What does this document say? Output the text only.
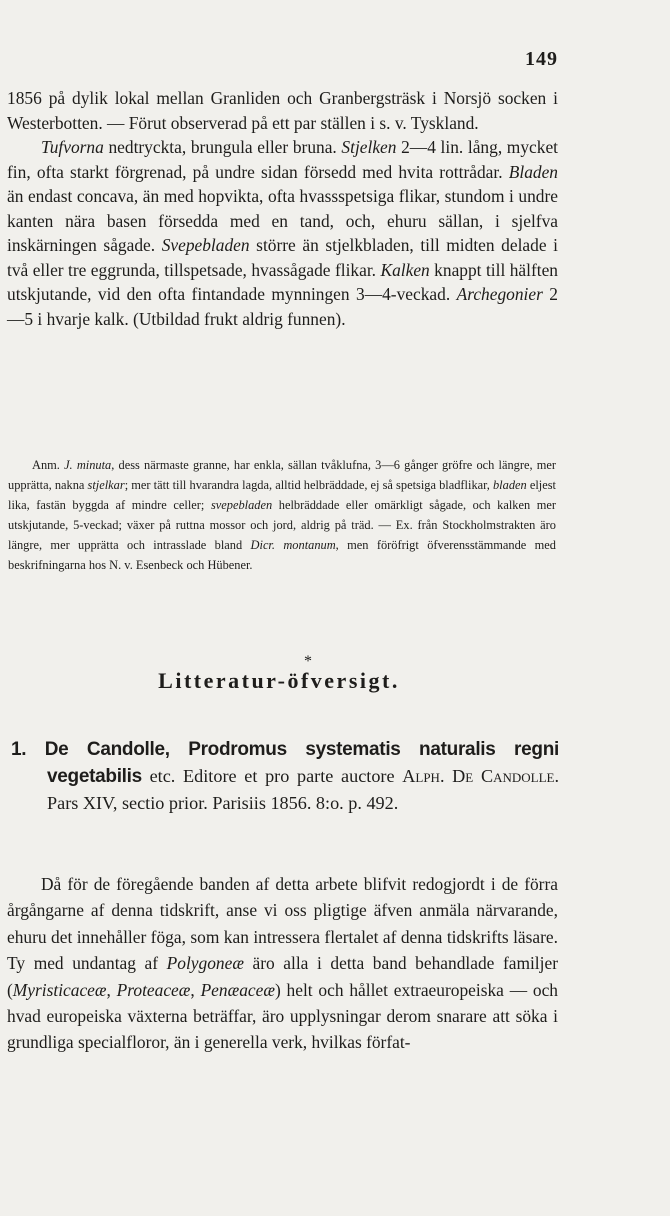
149

1856 på dylik lokal mellan Granliden och Granbergsträsk i Norsjö socken i Westerbotten. — Förut observerad på ett par ställen i s. v. Tyskland.

Tufvorna nedtryckta, brungula eller bruna. Stjelken 2—4 lin. lång, mycket fin, ofta starkt förgrenad, på undre sidan försedd med hvita rottrådar. Bladen än endast concava, än med hopvikta, ofta hvassspetsiga flikar, stundom i undre kanten nära basen försedda med en tand, och, ehuru sällan, i sjelfva inskärningen sågade. Svepebladen större än stjelkbladen, till midten delade i två eller tre eggrunda, tillspetsade, hvassågade flikar. Kalken knappt till hälften utskjutande, vid den ofta fintandade mynningen 3—4-veckad. Archegonier 2—5 i hvarje kalk. (Utbildad frukt aldrig funnen).

Anm. J. minuta, dess närmaste granne, har enkla, sällan tvåklufna, 3—6 gånger gröfre och längre, mer upprätta, nakna stjelkar; mer tätt till hvarandra lagda, alltid helbräddade, ej så spetsiga bladflikar, bladen eljest lika, fastän byggda af mindre celler; svepebladen helbräddade eller omärkligt sågade, och kalken mer utskjutande, 5-veckad; växer på ruttna mossor och jord, aldrig på träd. — Ex. från Stockholmstrakten äro längre, mer upprätta och intrasslade bland Dicr. montanum, men föröfrigt öfverensstämmande med beskrifningarna hos N. v. Esenbeck och Hübener.
*
Litteratur-öfversigt.

1. De Candolle, Prodromus systematis naturalis regni vegetabilis etc. Editore et pro parte auctore Alph. De Candolle. Pars XIV, sectio prior. Parisiis 1856. 8:o. p. 492.

Då för de föregående banden af detta arbete blifvit redogjordt i de förra årgångarne af denna tidskrift, anse vi oss pligtige äfven anmäla närvarande, ehuru det innehåller föga, som kan intressera flertalet af denna tidskrifts läsare. Ty med undantag af Polygoneæ äro alla i detta band behandlade familjer (Myristicaceæ, Proteaceæ, Penæaceæ) helt och hållet extraeuropeiska — och hvad europeiska växterna beträffar, äro upplysningar derom snarare att söka i grundliga specialfloror, än i generella verk, hvilkas förfat-
